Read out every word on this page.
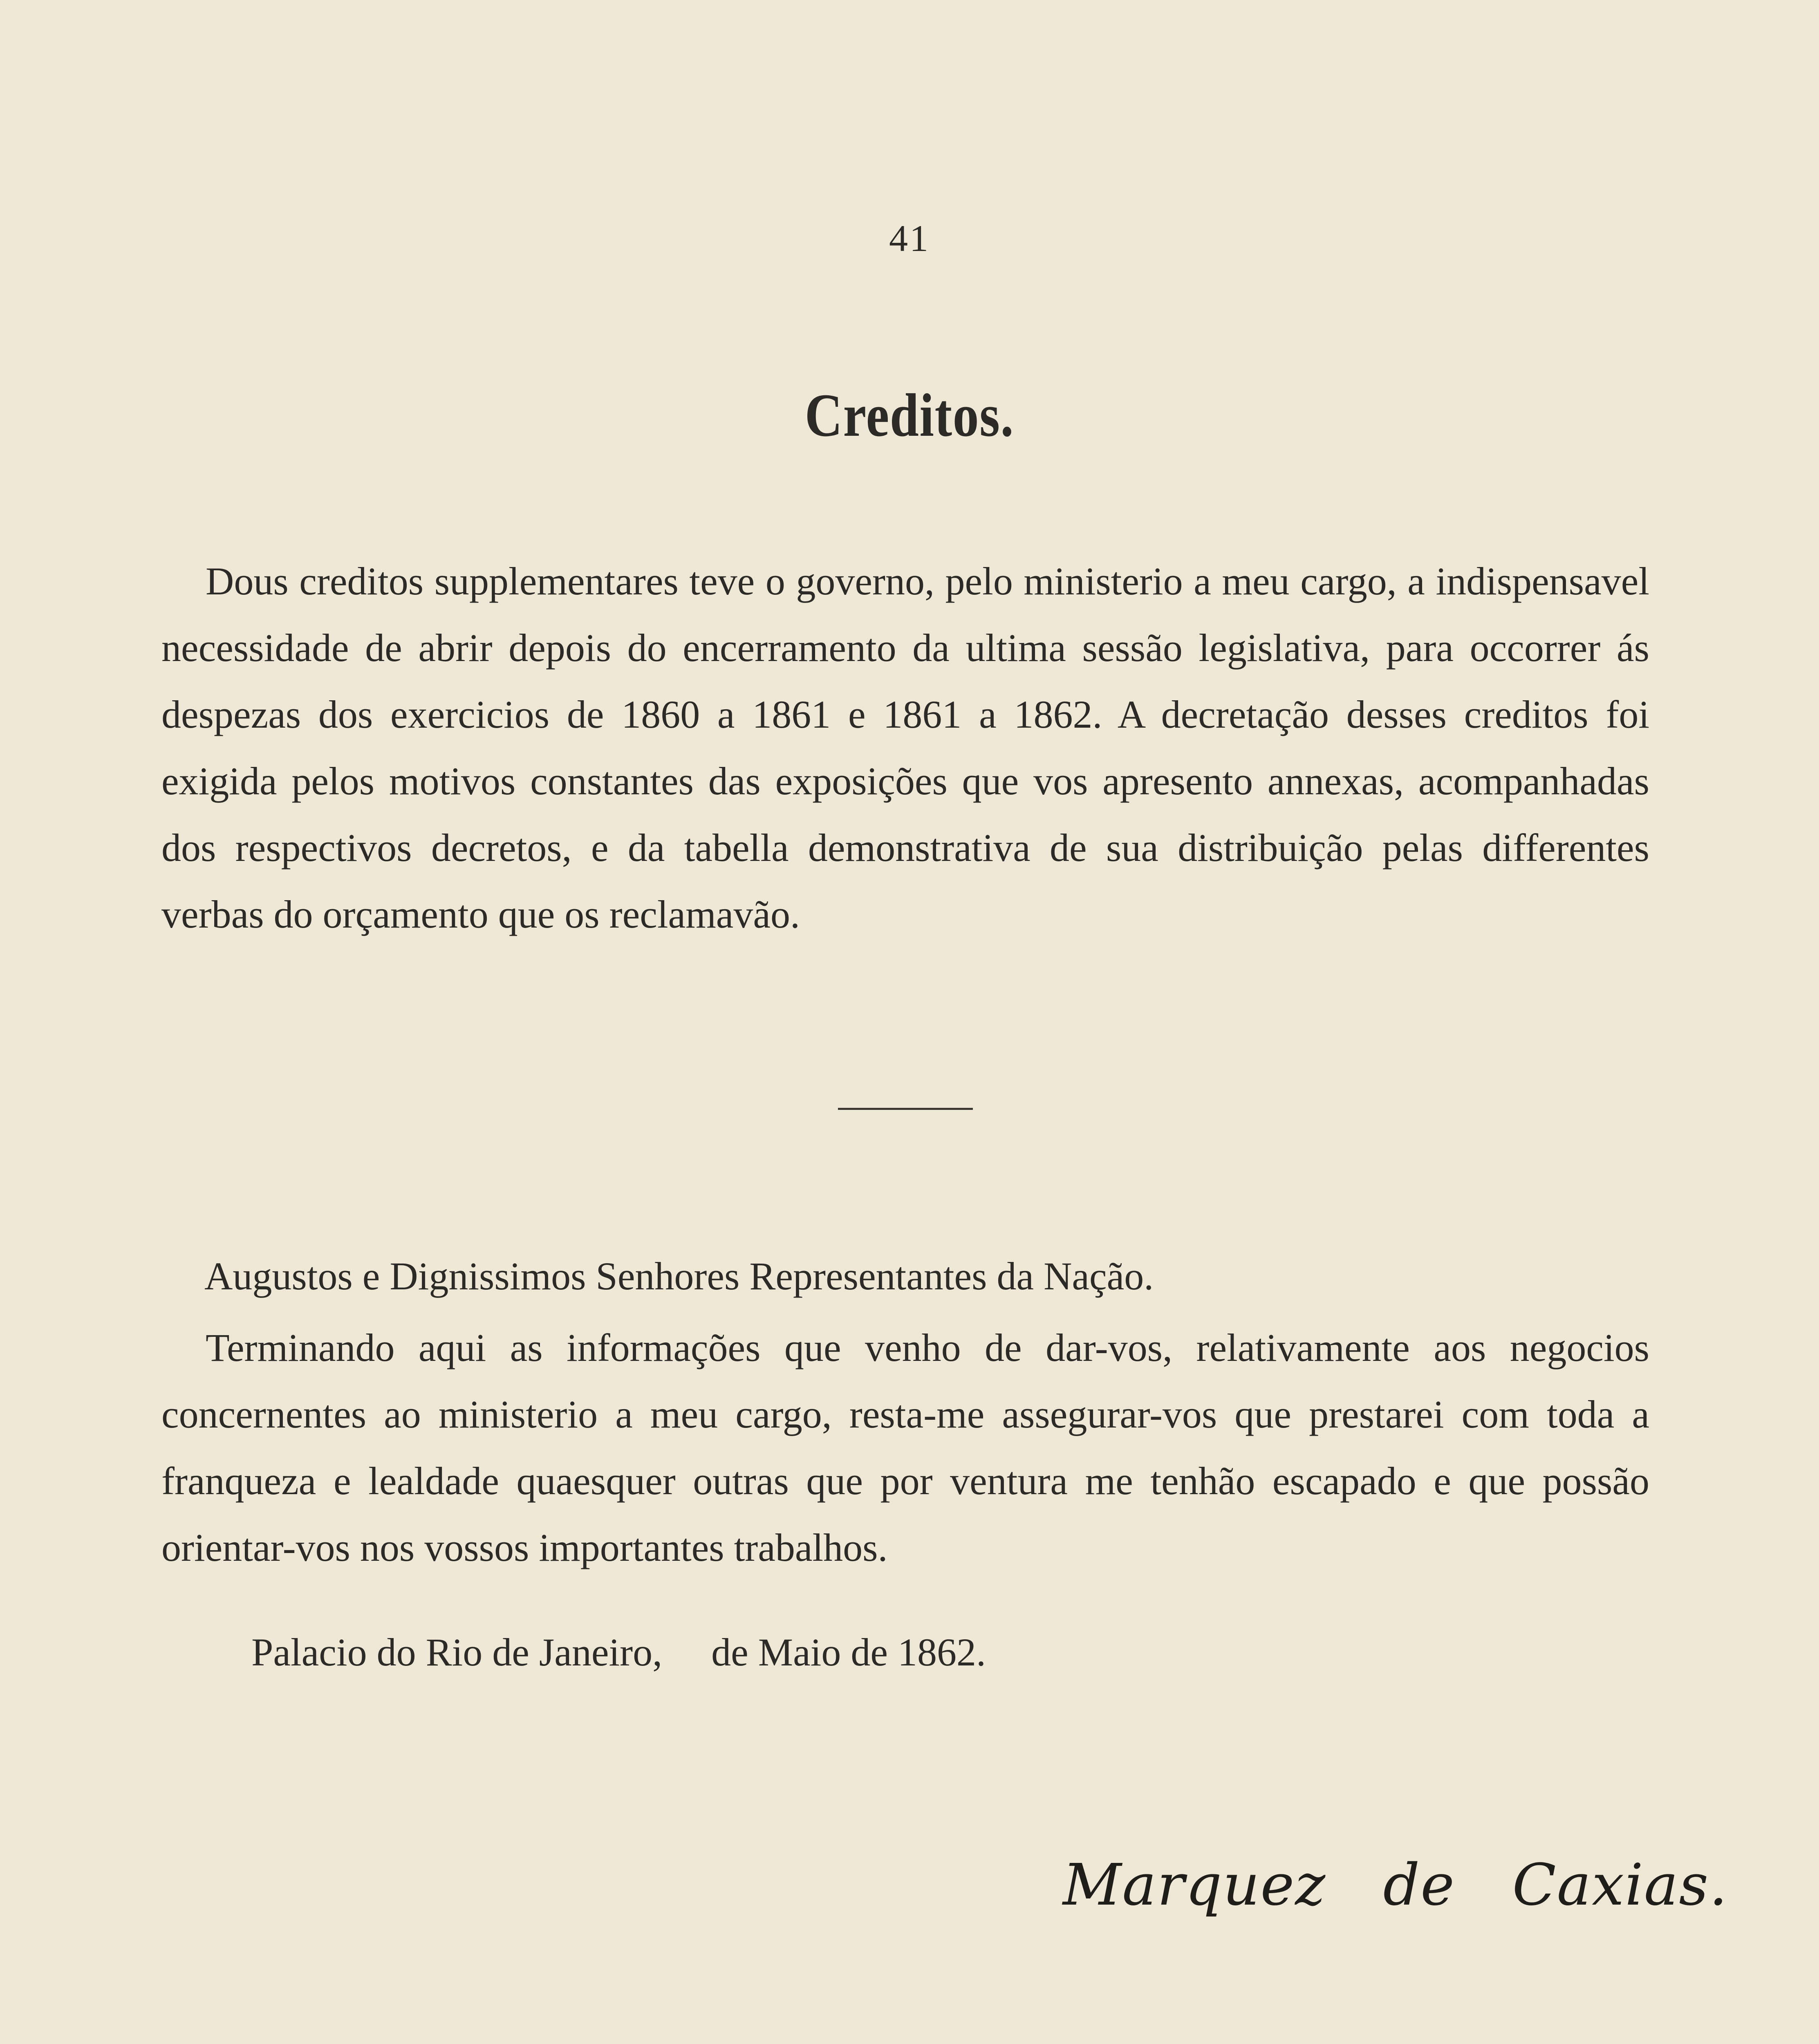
41
Creditos.
Dous creditos supplementares teve o governo, pelo ministerio a meu cargo, a indispensavel necessidade de abrir depois do encerramento da ultima sessão legislativa, para occorrer ás despezas dos exercicios de 1860 a 1861 e 1861 a 1862. A decretação desses creditos foi exigida pelos motivos constantes das exposições que vos apresento annexas, acompanhadas dos respectivos decretos, e da tabella demonstrativa de sua distribuição pelas differentes verbas do orçamento que os reclamavão.
Augustos e Dignissimos Senhores Representantes da Nação.
Terminando aqui as informações que venho de dar-vos, relativamente aos negocios concernentes ao ministerio a meu cargo, resta-me assegurar-vos que prestarei com toda a franqueza e lealdade quaesquer outras que por ventura me tenhão escapado e que possão orientar-vos nos vossos importantes trabalhos.
Palacio do Rio de Janeiro,     de Maio de 1862.
Marquez   de   Caxias.
